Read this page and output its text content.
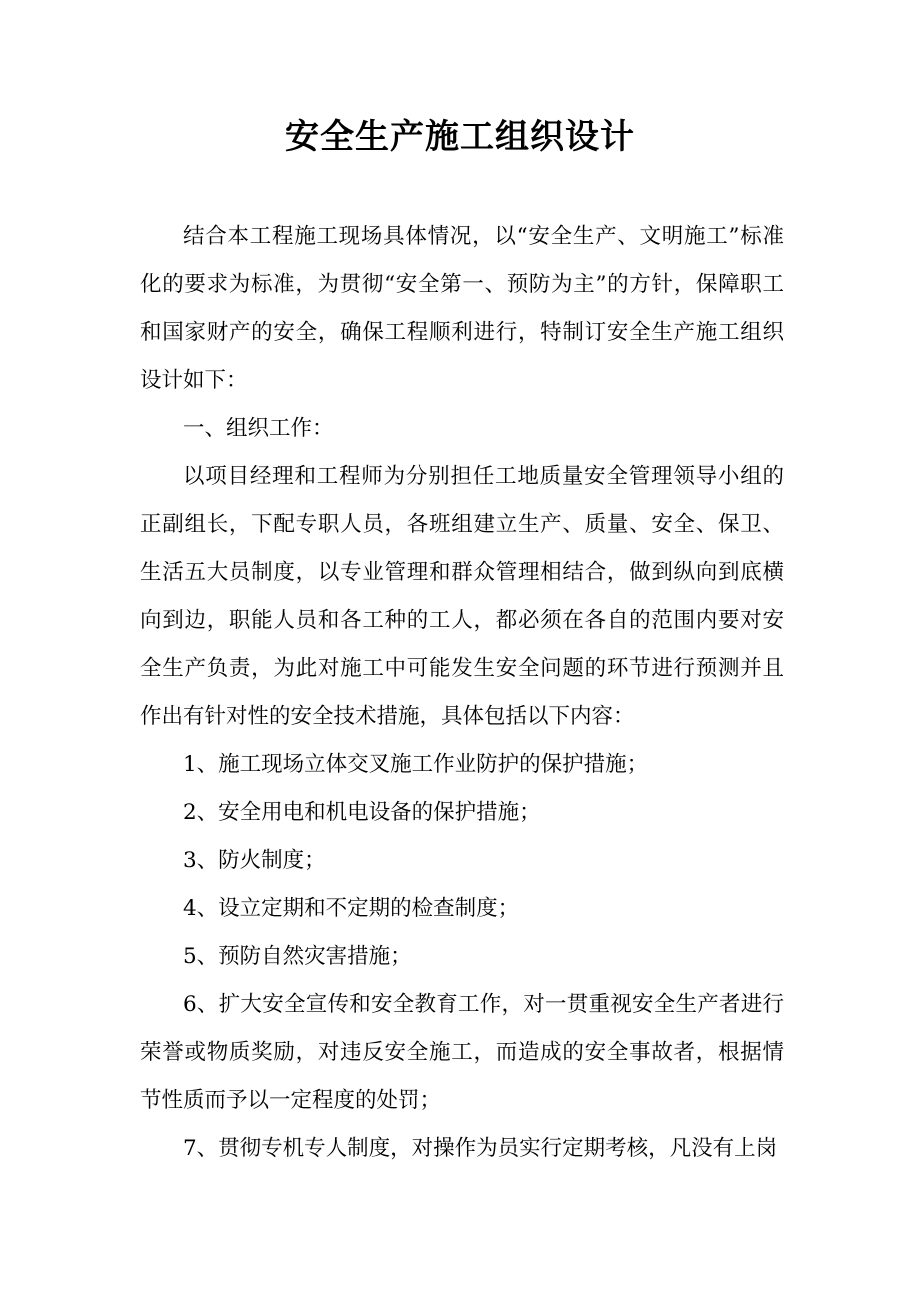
安全生产施工组织设计

结合本工程施工现场具体情况，以“安全生产、文明施工”标准化的要求为标准，为贯彻“安全第一、预防为主”的方针，保障职工和国家财产的安全，确保工程顺利进行，特制订安全生产施工组织设计如下：

一、组织工作：

以项目经理和工程师为分别担任工地质量安全管理领导小组的正副组长，下配专职人员，各班组建立生产、质量、安全、保卫、生活五大员制度，以专业管理和群众管理相结合，做到纵向到底横向到边，职能人员和各工种的工人，都必须在各自的范围内要对安全生产负责，为此对施工中可能发生安全问题的环节进行预测并且作出有针对性的安全技术措施，具体包括以下内容：

1、施工现场立体交叉施工作业防护的保护措施；

2、安全用电和机电设备的保护措施；

3、防火制度；

4、设立定期和不定期的检查制度；

5、预防自然灾害措施；

6、扩大安全宣传和安全教育工作，对一贯重视安全生产者进行荣誉或物质奖励，对违反安全施工，而造成的安全事故者，根据情节性质而予以一定程度的处罚；

7、贯彻专机专人制度，对操作为员实行定期考核，凡没有上岗
